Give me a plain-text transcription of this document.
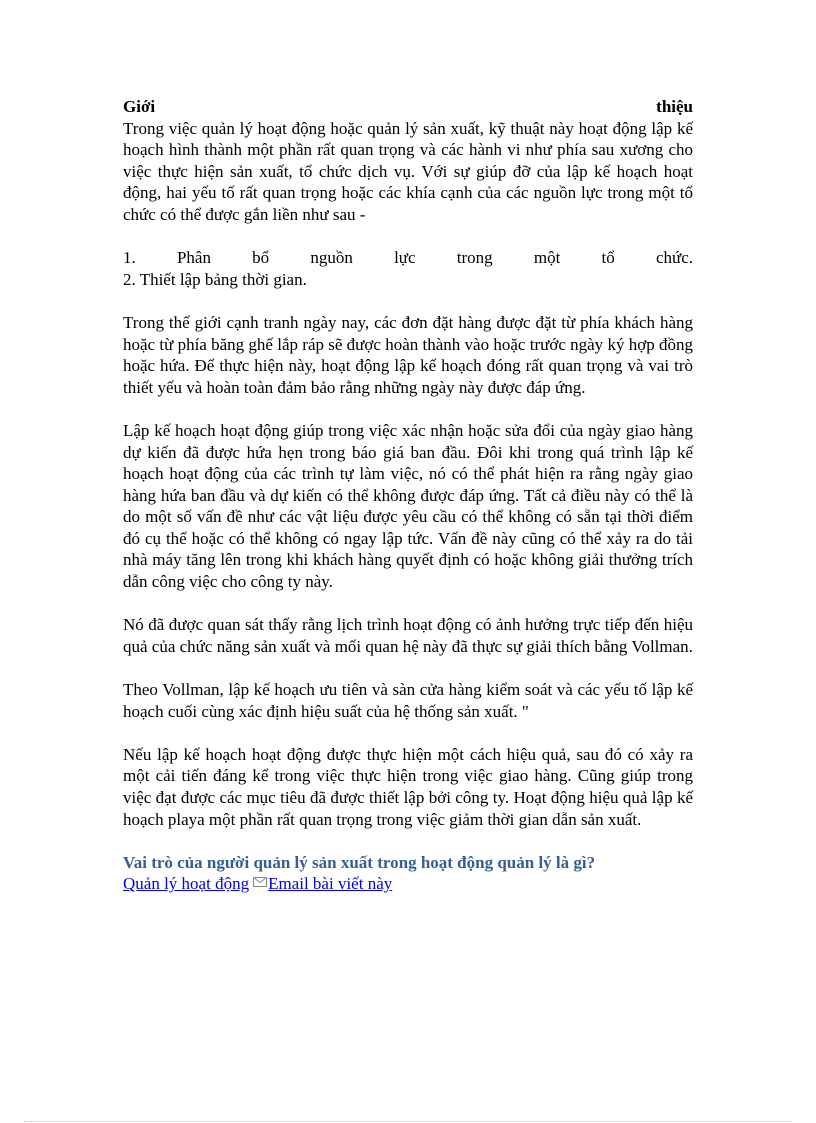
Giới	thiệu

Trong việc quản lý hoạt động hoặc quản lý sản xuất, kỹ thuật này hoạt động lập kế hoạch hình thành một phần rất quan trọng và các hành vi như phía sau xương cho việc thực hiện sản xuất, tổ chức dịch vụ. Với sự giúp đỡ của lập kế hoạch hoạt động, hai yếu tố rất quan trọng hoặc các khía cạnh của các nguồn lực trong một tổ chức có thể được gắn liền như sau -

1. Phân bổ nguồn lực trong một tổ chức.
2. Thiết lập bảng thời gian.

Trong thế giới cạnh tranh ngày nay, các đơn đặt hàng được đặt từ phía khách hàng hoặc từ phía băng ghế lắp ráp sẽ được hoàn thành vào hoặc trước ngày ký hợp đồng hoặc hứa. Để thực hiện này, hoạt động lập kế hoạch đóng rất quan trọng và vai trò thiết yếu và hoàn toàn đảm bảo rằng những ngày này được đáp ứng.

Lập kế hoạch hoạt động giúp trong việc xác nhận hoặc sửa đổi của ngày giao hàng dự kiến đã được hứa hẹn trong báo giá ban đầu. Đôi khi trong quá trình lập kế hoạch hoạt động của các trình tự làm việc, nó có thể phát hiện ra rằng ngày giao hàng hứa ban đầu và dự kiến có thể không được đáp ứng. Tất cả điều này có thể là do một số vấn đề như các vật liệu được yêu cầu có thể không có sẵn tại thời điểm đó cụ thể hoặc có thể không có ngay lập tức. Vấn đề này cũng có thể xảy ra do tải nhà máy tăng lên trong khi khách hàng quyết định có hoặc không giải thưởng trích dẫn công việc cho công ty này.

Nó đã được quan sát thấy rằng lịch trình hoạt động có ảnh hưởng trực tiếp đến hiệu quả của chức năng sản xuất và mối quan hệ này đã thực sự giải thích bằng Vollman.

Theo Vollman, lập kế hoạch ưu tiên và sàn cửa hàng kiểm soát và các yếu tố lập kế hoạch cuối cùng xác định hiệu suất của hệ thống sản xuất. "

Nếu lập kế hoạch hoạt động được thực hiện một cách hiệu quả, sau đó có xảy ra một cải tiến đáng kể trong việc thực hiện trong việc giao hàng. Cũng giúp trong việc đạt được các mục tiêu đã được thiết lập bởi công ty. Hoạt động hiệu quả lập kế hoạch playa một phần rất quan trọng trong việc giảm thời gian dẫn sản xuất.

Vai trò của người quản lý sản xuất trong hoạt động quản lý là gì?
Quản lý hoạt động Email bài viết này
